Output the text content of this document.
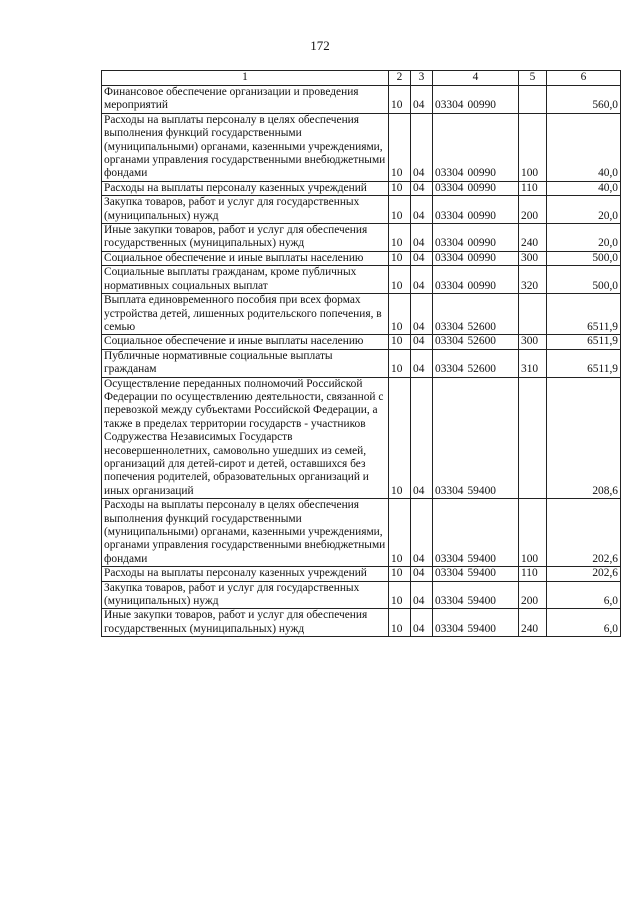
172
1	2	3	4	5	6
Финансовое обеспечение организации и проведения мероприятий	10	04	03304 00990		560,0
Расходы на выплаты персоналу в целях обеспечения выполнения функций государственными (муниципальными) органами, казенными учреждениями, органами управления государственными внебюджетными фондами	10	04	03304 00990	100	40,0
Расходы на выплаты персоналу казенных учреждений	10	04	03304 00990	110	40,0
Закупка товаров, работ и услуг для государственных (муниципальных) нужд	10	04	03304 00990	200	20,0
Иные закупки товаров, работ и услуг для обеспечения государственных (муниципальных) нужд	10	04	03304 00990	240	20,0
Социальное обеспечение и иные выплаты населению	10	04	03304 00990	300	500,0
Социальные выплаты гражданам, кроме публичных нормативных социальных выплат	10	04	03304 00990	320	500,0
Выплата единовременного пособия при всех формах устройства детей, лишенных родительского попечения, в семью	10	04	03304 52600		6511,9
Социальное обеспечение и иные выплаты населению	10	04	03304 52600	300	6511,9
Публичные нормативные социальные выплаты гражданам	10	04	03304 52600	310	6511,9
Осуществление переданных полномочий Российской Федерации по осуществлению деятельности, связанной с перевозкой между субъектами Российской Федерации, а также в пределах территории государств - участников Содружества Независимых Государств несовершеннолетних, самовольно ушедших из семей, организаций для детей-сирот и детей, оставшихся без попечения родителей, образовательных организаций и иных организаций	10	04	03304 59400		208,6
Расходы на выплаты персоналу в целях обеспечения выполнения функций государственными (муниципальными) органами, казенными учреждениями, органами управления государственными внебюджетными фондами	10	04	03304 59400	100	202,6
Расходы на выплаты персоналу казенных учреждений	10	04	03304 59400	110	202,6
Закупка товаров, работ и услуг для государственных (муниципальных) нужд	10	04	03304 59400	200	6,0
Иные закупки товаров, работ и услуг для обеспечения государственных (муниципальных) нужд	10	04	03304 59400	240	6,0
